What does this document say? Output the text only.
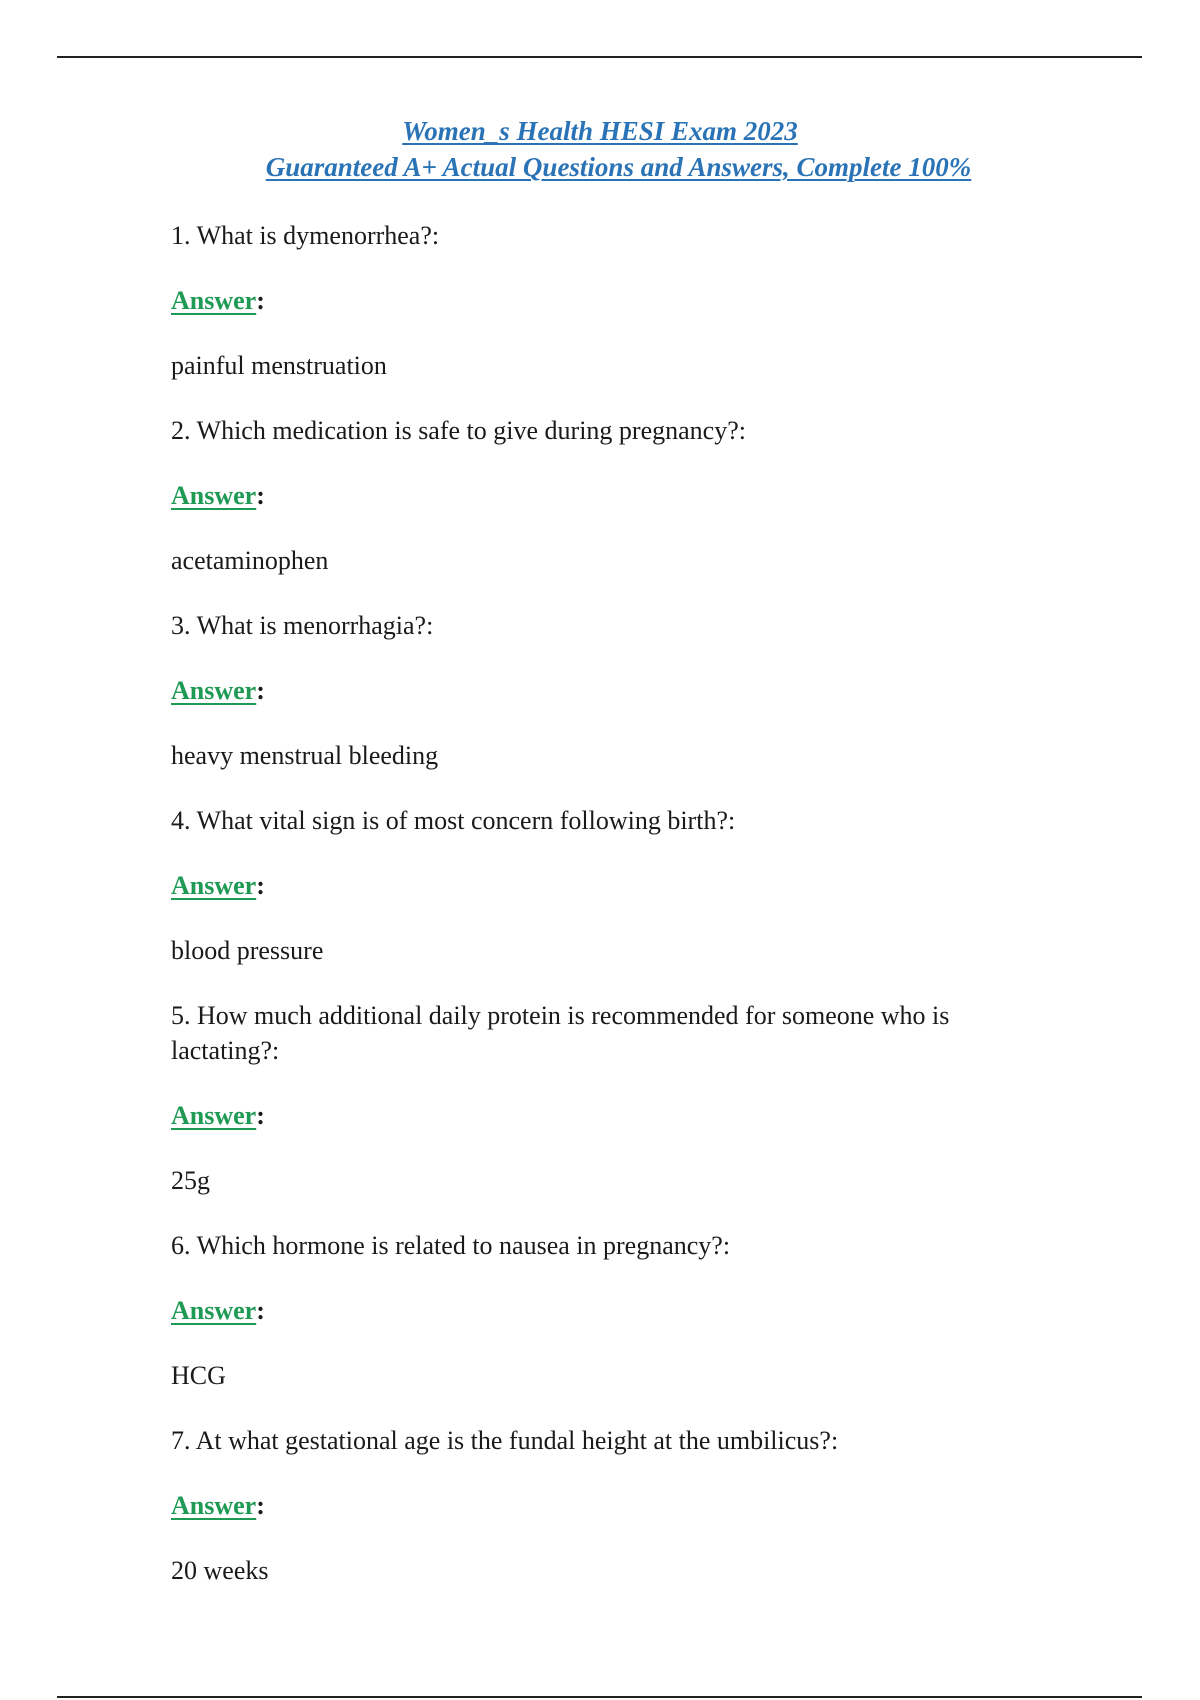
Women_s Health HESI Exam 2023
Guaranteed A+ Actual Questions and Answers, Complete 100%
1. What is dymenorrhea?:
Answer:
painful menstruation
2. Which medication is safe to give during pregnancy?:
Answer:
acetaminophen
3. What is menorrhagia?:
Answer:
heavy menstrual bleeding
4. What vital sign is of most concern following birth?:
Answer:
blood pressure
5. How much additional daily protein is recommended for someone who is
lactating?:
Answer:
25g
6. Which hormone is related to nausea in pregnancy?:
Answer:
HCG
7. At what gestational age is the fundal height at the umbilicus?:
Answer:
20 weeks
